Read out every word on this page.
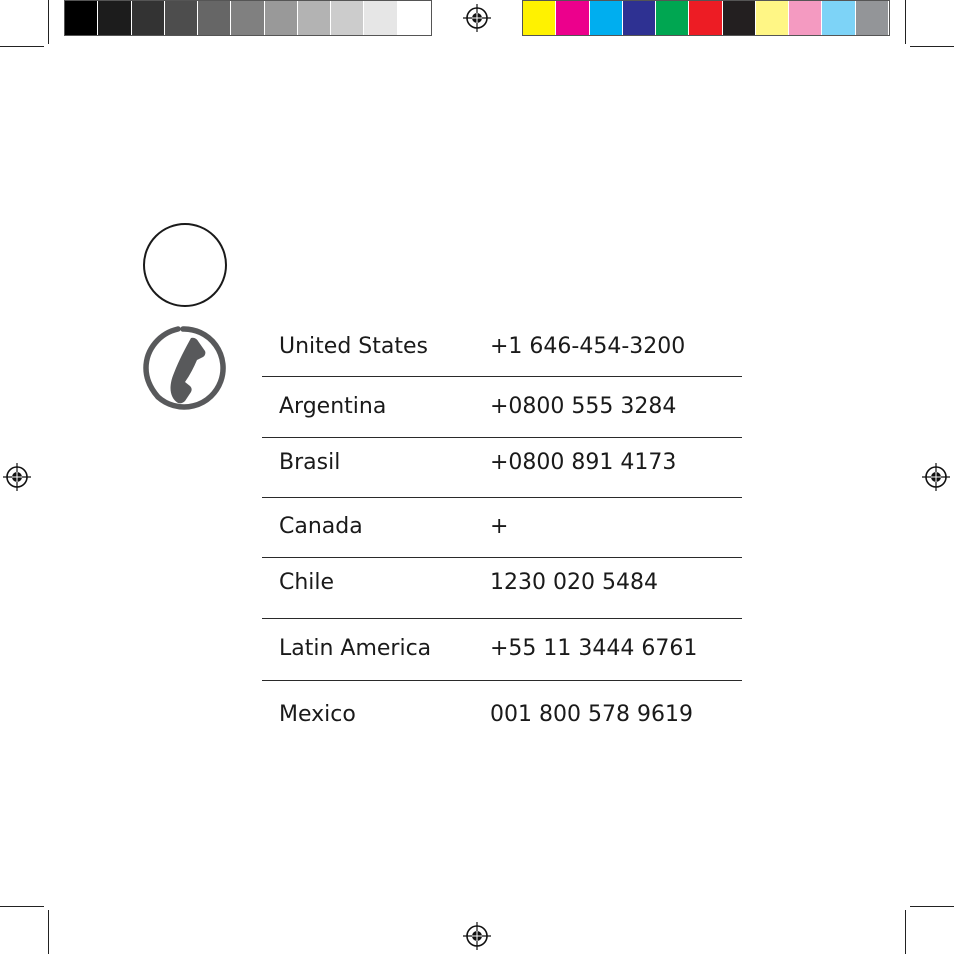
United States	+1 646-454-3200
Argentina	+0800 555 3284
Brasil	+0800 891 4173
Canada	+
Chile	1230 020 5484
Latin America	+55 11 3444 6761
Mexico	001 800 578 9619
